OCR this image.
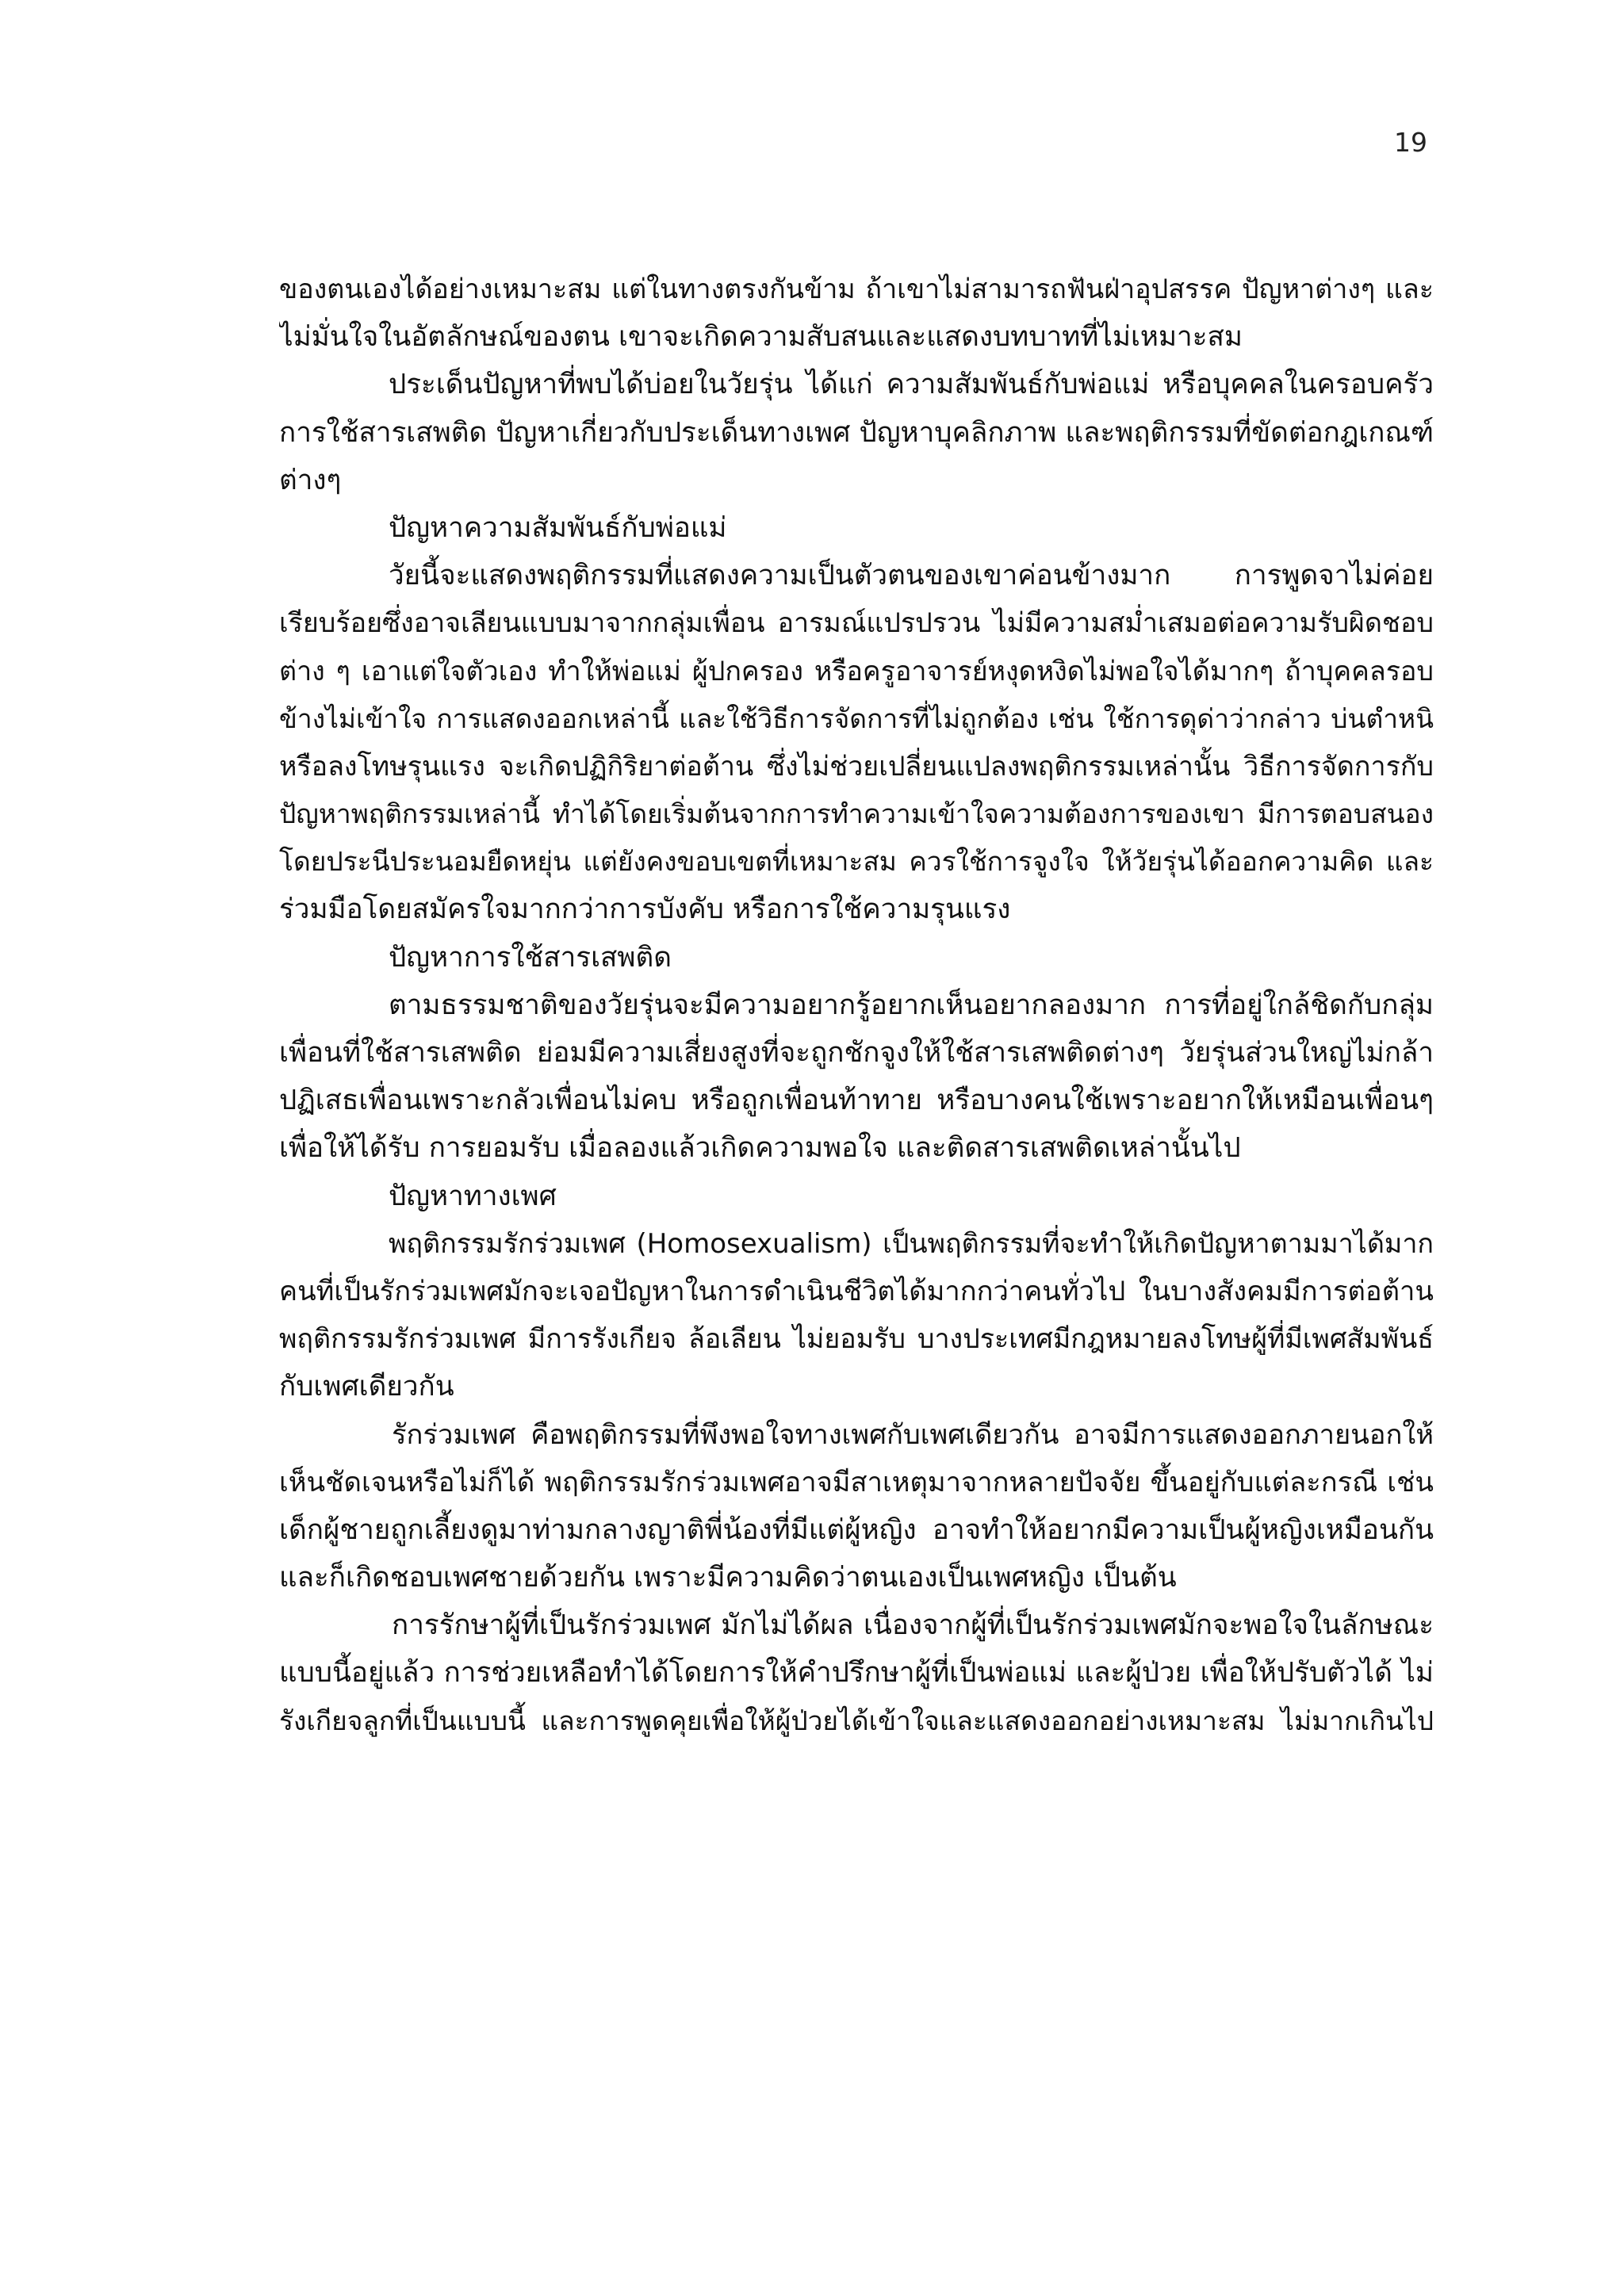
19
ของตนเองได้อย่างเหมาะสม แต่ในทางตรงกันข้าม ถ้าเขาไม่สามารถฟันฝ่าอุปสรรค ปัญหาต่างๆ และ
ไม่มั่นใจในอัตลักษณ์ของตน เขาจะเกิดความสับสนและแสดงบทบาทที่ไม่เหมาะสม
ประเด็นปัญหาที่พบได้บ่อยในวัยรุ่น ได้แก่ ความสัมพันธ์กับพ่อแม่ หรือบุคคลในครอบครัว
การใช้สารเสพติด ปัญหาเกี่ยวกับประเด็นทางเพศ ปัญหาบุคลิกภาพ และพฤติกรรมที่ขัดต่อกฎเกณฑ์
ต่างๆ
ปัญหาความสัมพันธ์กับพ่อแม่
วัยนี้จะแสดงพฤติกรรมที่แสดงความเป็นตัวตนของเขาค่อนข้างมาก การพูดจาไม่ค่อย
เรียบร้อยซึ่งอาจเลียนแบบมาจากกลุ่มเพื่อน อารมณ์แปรปรวน ไม่มีความสม่ำเสมอต่อความรับผิดชอบ
ต่าง ๆ เอาแต่ใจตัวเอง ทำให้พ่อแม่ ผู้ปกครอง หรือครูอาจารย์หงุดหงิดไม่พอใจได้มากๆ ถ้าบุคคลรอบ
ข้างไม่เข้าใจ การแสดงออกเหล่านี้ และใช้วิธีการจัดการที่ไม่ถูกต้อง เช่น ใช้การดุด่าว่ากล่าว บ่นตำหนิ
หรือลงโทษรุนแรง จะเกิดปฏิกิริยาต่อต้าน ซึ่งไม่ช่วยเปลี่ยนแปลงพฤติกรรมเหล่านั้น วิธีการจัดการกับ
ปัญหาพฤติกรรมเหล่านี้ ทำได้โดยเริ่มต้นจากการทำความเข้าใจความต้องการของเขา มีการตอบสนอง
โดยประนีประนอมยืดหยุ่น แต่ยังคงขอบเขตที่เหมาะสม ควรใช้การจูงใจ ให้วัยรุ่นได้ออกความคิด และ
ร่วมมือโดยสมัครใจมากกว่าการบังคับ หรือการใช้ความรุนแรง
ปัญหาการใช้สารเสพติด
ตามธรรมชาติของวัยรุ่นจะมีความอยากรู้อยากเห็นอยากลองมาก การที่อยู่ใกล้ชิดกับกลุ่ม
เพื่อนที่ใช้สารเสพติด ย่อมมีความเสี่ยงสูงที่จะถูกชักจูงให้ใช้สารเสพติดต่างๆ วัยรุ่นส่วนใหญ่ไม่กล้า
ปฏิเสธเพื่อนเพราะกลัวเพื่อนไม่คบ หรือถูกเพื่อนท้าทาย หรือบางคนใช้เพราะอยากให้เหมือนเพื่อนๆ
เพื่อให้ได้รับ การยอมรับ เมื่อลองแล้วเกิดความพอใจ และติดสารเสพติดเหล่านั้นไป
ปัญหาทางเพศ
พฤติกรรมรักร่วมเพศ (Homosexualism) เป็นพฤติกรรมที่จะทำให้เกิดปัญหาตามมาได้มาก
คนที่เป็นรักร่วมเพศมักจะเจอปัญหาในการดำเนินชีวิตได้มากกว่าคนทั่วไป ในบางสังคมมีการต่อต้าน
พฤติกรรมรักร่วมเพศ มีการรังเกียจ ล้อเลียน ไม่ยอมรับ บางประเทศมีกฎหมายลงโทษผู้ที่มีเพศสัมพันธ์
กับเพศเดียวกัน
รักร่วมเพศ คือพฤติกรรมที่พึงพอใจทางเพศกับเพศเดียวกัน อาจมีการแสดงออกภายนอกให้
เห็นชัดเจนหรือไม่ก็ได้ พฤติกรรมรักร่วมเพศอาจมีสาเหตุมาจากหลายปัจจัย ขึ้นอยู่กับแต่ละกรณี เช่น
เด็กผู้ชายถูกเลี้ยงดูมาท่ามกลางญาติพี่น้องที่มีแต่ผู้หญิง อาจทำให้อยากมีความเป็นผู้หญิงเหมือนกัน
และก็เกิดชอบเพศชายด้วยกัน เพราะมีความคิดว่าตนเองเป็นเพศหญิง เป็นต้น
การรักษาผู้ที่เป็นรักร่วมเพศ มักไม่ได้ผล เนื่องจากผู้ที่เป็นรักร่วมเพศมักจะพอใจในลักษณะ
แบบนี้อยู่แล้ว การช่วยเหลือทำได้โดยการให้คำปรึกษาผู้ที่เป็นพ่อแม่ และผู้ป่วย เพื่อให้ปรับตัวได้ ไม่
รังเกียจลูกที่เป็นแบบนี้ และการพูดคุยเพื่อให้ผู้ป่วยได้เข้าใจและแสดงออกอย่างเหมาะสม ไม่มากเกินไป
